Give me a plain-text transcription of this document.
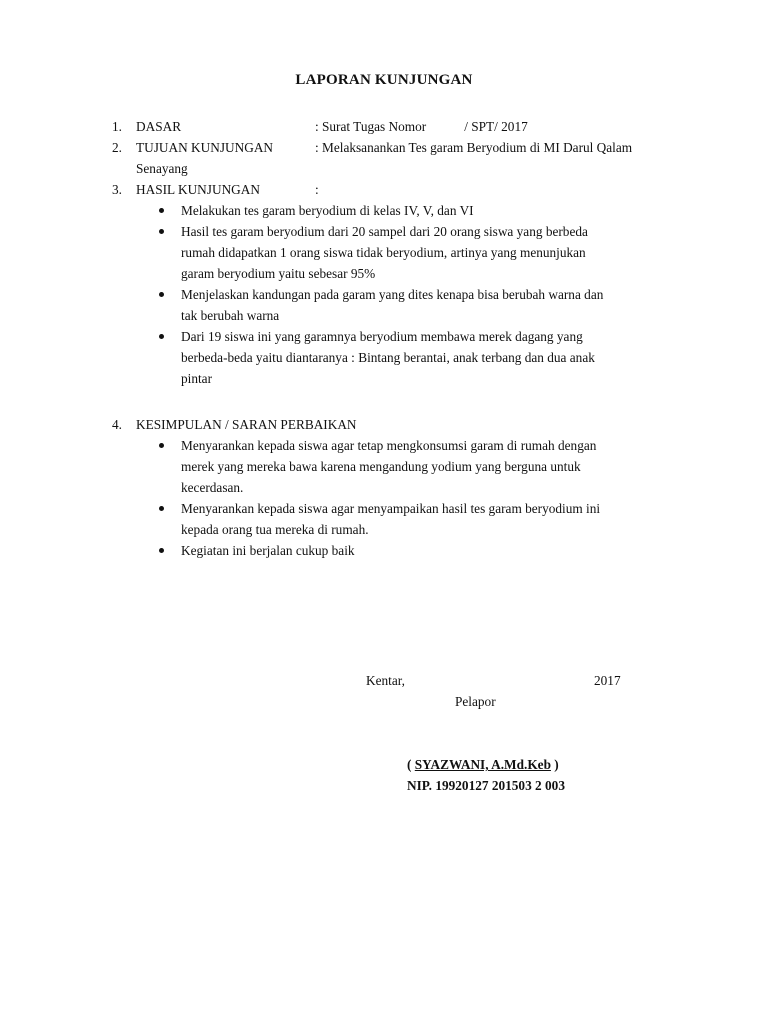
LAPORAN KUNJUNGAN
1. DASAR	: Surat Tugas Nomor	/ SPT/ 2017
2. TUJUAN KUNJUNGAN	: Melaksanankan Tes garam Beryodium di MI Darul Qalam
Senayang
3. HASIL KUNJUNGAN	:
Melakukan tes garam beryodium di kelas IV, V, dan VI
Hasil tes garam beryodium dari 20 sampel dari 20 orang siswa yang berbeda
rumah didapatkan 1 orang siswa tidak beryodium, artinya yang menunjukan
garam beryodium yaitu sebesar 95%
Menjelaskan kandungan pada garam yang dites kenapa bisa berubah warna dan
tak berubah warna
Dari 19 siswa ini yang garamnya beryodium membawa merek dagang yang
berbeda-beda yaitu diantaranya : Bintang berantai, anak terbang dan dua anak
pintar
4. KESIMPULAN / SARAN PERBAIKAN
Menyarankan kepada siswa agar tetap mengkonsumsi garam di rumah dengan
merek yang mereka bawa karena mengandung yodium yang berguna untuk
kecerdasan.
Menyarankan kepada siswa agar menyampaikan hasil tes garam beryodium ini
kepada orang tua mereka di rumah.
Kegiatan ini berjalan cukup baik
Kentar,	2017
Pelapor
( SYAZWANI, A.Md.Keb )
NIP. 19920127 201503 2 003
